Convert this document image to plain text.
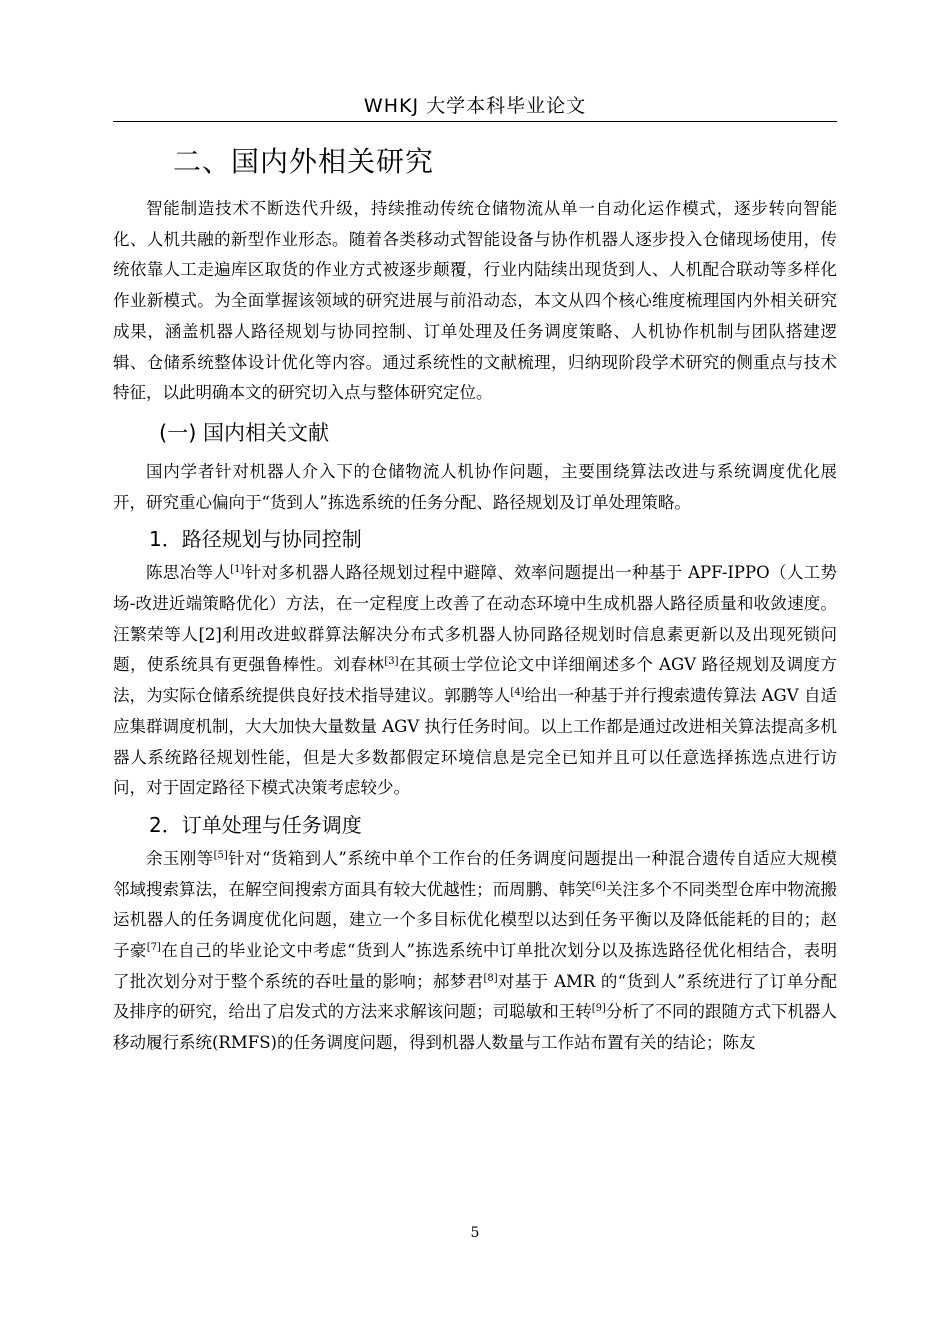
WHKJ 大学本科毕业论文
二、国内外相关研究

智能制造技术不断迭代升级，持续推动传统仓储物流从单一自动化运作模式，逐步转向智能化、人机共融的新型作业形态。随着各类移动式智能设备与协作机器人逐步投入仓储现场使用，传统依靠人工走遍库区取货的作业方式被逐步颠覆，行业内陆续出现货到人、人机配合联动等多样化作业新模式。为全面掌握该领域的研究进展与前沿动态，本文从四个核心维度梳理国内外相关研究成果，涵盖机器人路径规划与协同控制、订单处理及任务调度策略、人机协作机制与团队搭建逻辑、仓储系统整体设计优化等内容。通过系统性的文献梳理，归纳现阶段学术研究的侧重点与技术特征，以此明确本文的研究切入点与整体研究定位。

(一) 国内相关文献

国内学者针对机器人介入下的仓储物流人机协作问题，主要围绕算法改进与系统调度优化展开，研究重心偏向于“货到人”拣选系统的任务分配、路径规划及订单处理策略。

1．路径规划与协同控制

陈思冶等人[1]针对多机器人路径规划过程中避障、效率问题提出一种基于 APF-IPPO（人工势场-改进近端策略优化）方法，在一定程度上改善了在动态环境中生成机器人路径质量和收敛速度。汪繁荣等人[2]利用改进蚁群算法解决分布式多机器人协同路径规划时信息素更新以及出现死锁问题，使系统具有更强鲁棒性。刘春林[3]在其硕士学位论文中详细阐述多个 AGV 路径规划及调度方法，为实际仓储系统提供良好技术指导建议。郭鹏等人[4]给出一种基于并行搜索遗传算法 AGV 自适应集群调度机制，大大加快大量数量 AGV 执行任务时间。以上工作都是通过改进相关算法提高多机器人系统路径规划性能，但是大多数都假定环境信息是完全已知并且可以任意选择拣选点进行访问，对于固定路径下模式决策考虑较少。

2．订单处理与任务调度

余玉刚等[5]针对“货箱到人”系统中单个工作台的任务调度问题提出一种混合遗传自适应大规模邻域搜索算法，在解空间搜索方面具有较大优越性；而周鹏、韩笑[6]关注多个不同类型仓库中物流搬运机器人的任务调度优化问题，建立一个多目标优化模型以达到任务平衡以及降低能耗的目的；赵子豪[7]在自己的毕业论文中考虑“货到人”拣选系统中订单批次划分以及拣选路径优化相结合，表明了批次划分对于整个系统的吞吐量的影响；郝梦君[8]对基于 AMR 的“货到人”系统进行了订单分配及排序的研究，给出了启发式的方法来求解该问题；司聪敏和王转[9]分析了不同的跟随方式下机器人移动履行系统(RMFS)的任务调度问题，得到机器人数量与工作站布置有关的结论；陈友

5
